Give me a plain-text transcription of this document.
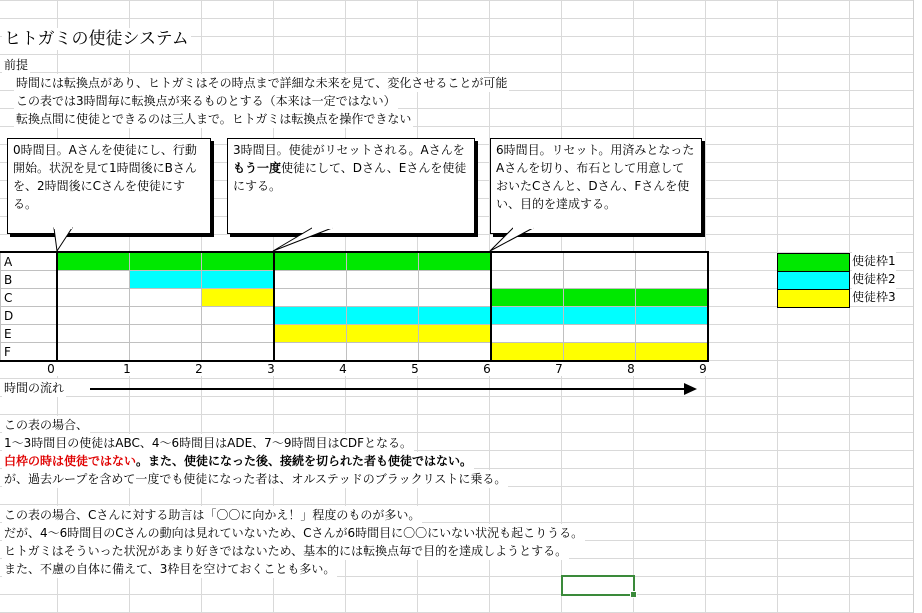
ヒトガミの使徒システム
前提
時間には転換点があり、ヒトガミはその時点まで詳細な未来を見て、変化させることが可能
この表では3時間毎に転換点が来るものとする（本来は一定ではない）
転換点間に使徒とできるのは三人まで。ヒトガミは転換点を操作できない
0時間目。Aさんを使徒にし、行動開始。状況を見て1時間後にBさんを、2時間後にCさんを使徒にする。
3時間目。使徒がリセットされる。Aさんをもう一度使徒にして、Dさん、Eさんを使徒にする。
6時間目。リセット。用済みとなったAさんを切り、布石として用意しておいたCさんと、Dさん、Fさんを使い、目的を達成する。
A									
B									
C									
D									
E									
F									
0	1	2	3	4	5	6	7	8	9
時間の流れ
使徒枠1
使徒枠2
使徒枠3
この表の場合、
1～3時間目の使徒はABC、4～6時間目はADE、7～9時間目はCDFとなる。
白枠の時は使徒ではない。また、使徒になった後、接続を切られた者も使徒ではない。
が、過去ループを含めて一度でも使徒になった者は、オルステッドのブラックリストに乗る。
この表の場合、Cさんに対する助言は「〇〇に向かえ！」程度のものが多い。
だが、4～6時間目のCさんの動向は見れていないため、Cさんが6時間目に〇〇にいない状況も起こりうる。
ヒトガミはそういった状況があまり好きではないため、基本的には転換点毎で目的を達成しようとする。
また、不慮の自体に備えて、3枠目を空けておくことも多い。
